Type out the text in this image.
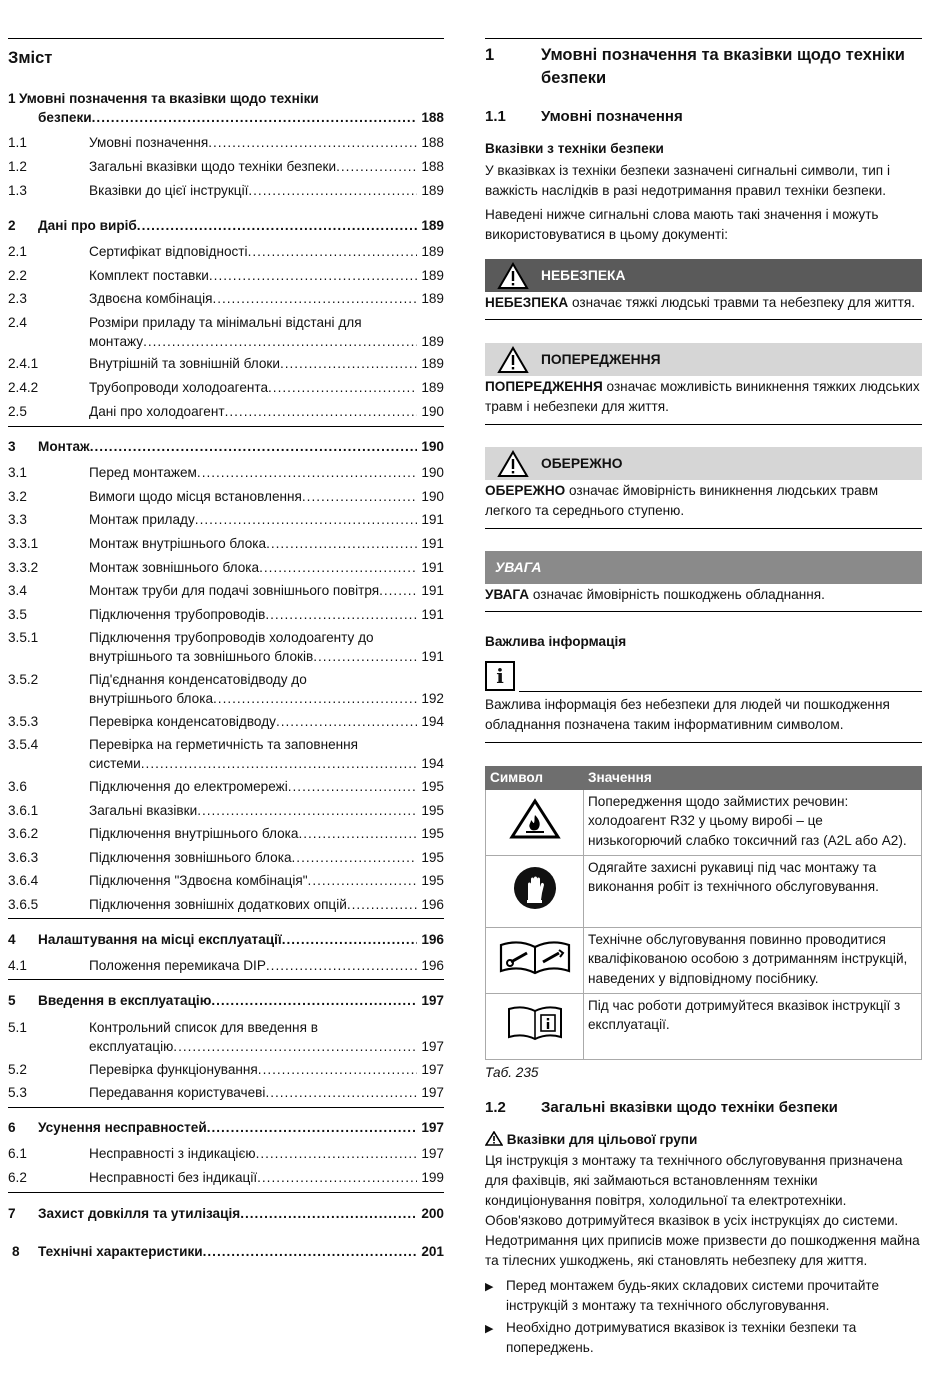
Зміст
1 Умовні позначення та вказівки щодо техніки
безпеки .....	188
1.1	Умовні позначення .....	188
1.2	Загальні вказівки щодо техніки безпеки .....	188
1.3	Вказівки до цієї інструкції .....	189
2 Дані про виріб .....	189
2.1	Сертифікат відповідності .....	189
2.2	Комплект поставки .....	189
2.3	Здвоєна комбінація .....	189
2.4	Розміри приладу та мінімальні відстані для
монтажу .....	189
2.4.1	Внутрішній та зовнішній блоки .....	189
2.4.2	Трубопроводи холодоагента .....	189
2.5	Дані про холодоагент .....	190
3 Монтаж .....	190
3.1	Перед монтажем .....	190
3.2	Вимоги щодо місця встановлення .....	190
3.3	Монтаж приладу .....	191
3.3.1	Монтаж внутрішнього блока .....	191
3.3.2	Монтаж зовнішнього блока .....	191
3.4	Монтаж труби для подачі зовнішнього повітря .....	191
3.5	Підключення трубопроводів .....	191
3.5.1	Підключення трубопроводів холодоагенту до
внутрішнього та зовнішнього блоків .....	191
3.5.2	Під'єднання конденсатовідводу до
внутрішнього блока .....	192
3.5.3	Перевірка конденсатовідводу .....	194
3.5.4	Перевірка на герметичність та заповнення
системи .....	194
3.6	Підключення до електромережі .....	195
3.6.1	Загальні вказівки .....	195
3.6.2	Підключення внутрішнього блока .....	195
3.6.3	Підключення зовнішнього блока .....	195
3.6.4	Підключення "Здвоєна комбінація" .....	195
3.6.5	Підключення зовнішніх додаткових опцій .....	196
4 Налаштування на місці експлуатації .....	196
4.1	Положення перемикача DIP .....	196
5 Введення в експлуатацію .....	197
5.1	Контрольний список для введення в
експлуатацію .....	197
5.2	Перевірка функціонування .....	197
5.3	Передавання користувачеві .....	197
6 Усунення несправностей .....	197
6.1	Несправності з індикацією .....	197
6.2	Несправності без індикації .....	199
7 Захист довкілля та утилізація .....	200
8 Технічні характеристики .....	201
1	Умовні позначення та вказівки щодо техніки безпеки
1.1 Умовні позначення
Вказівки з техніки безпеки
У вказівках із техніки безпеки зазначені сигнальні символи, тип і важкість наслідків в разі недотримання правил техніки безпеки.
Наведені нижче сигнальні слова мають такі значення і можуть використовуватися в цьому документі:
НЕБЕЗПЕКА
НЕБЕЗПЕКА означає тяжкі людські травми та небезпеку для життя.
ПОПЕРЕДЖЕННЯ
ПОПЕРЕДЖЕННЯ означає можливість виникнення тяжких людських травм і небезпеки для життя.
ОБЕРЕЖНО
ОБЕРЕЖНО означає ймовірність виникнення людських травм легкого та середнього ступеню.
УВАГА
УВАГА означає ймовірність пошкоджень обладнання.
Важлива інформація
i
Важлива інформація без небезпеки для людей чи пошкодження обладнання позначена таким інформативним символом.
Символ	Значення
	Попередження щодо займистих речовин: холодоагент R32 у цьому виробі – це низькогорючий слабко токсичний газ (A2L або A2).
	Одягайте захисні рукавиці під час монтажу та виконання робіт із технічного обслуговування.
	Технічне обслуговування повинно проводитися кваліфікованою особою з дотриманням інструкцій, наведених у відповідному посібнику.
	Під час роботи дотримуйтеся вказівок інструкції з експлуатації.
Таб. 235
1.2 Загальні вказівки щодо техніки безпеки
Вказівки для цільової групи
Ця інструкція з монтажу та технічного обслуговування призначена для фахівців, які займаються встановленням техніки кондиціонування повітря, холодильної та електротехніки. Обов'язково дотримуйтеся вказівок в усіх інструкціях до системи. Недотримання цих приписів може призвести до пошкодження майна та тілесних ушкоджень, які становлять небезпеку для життя.
▶ Перед монтажем будь-яких складових системи прочитайте інструкцій з монтажу та технічного обслуговування.
▶ Необхідно дотримуватися вказівок із техніки безпеки та попереджень.
